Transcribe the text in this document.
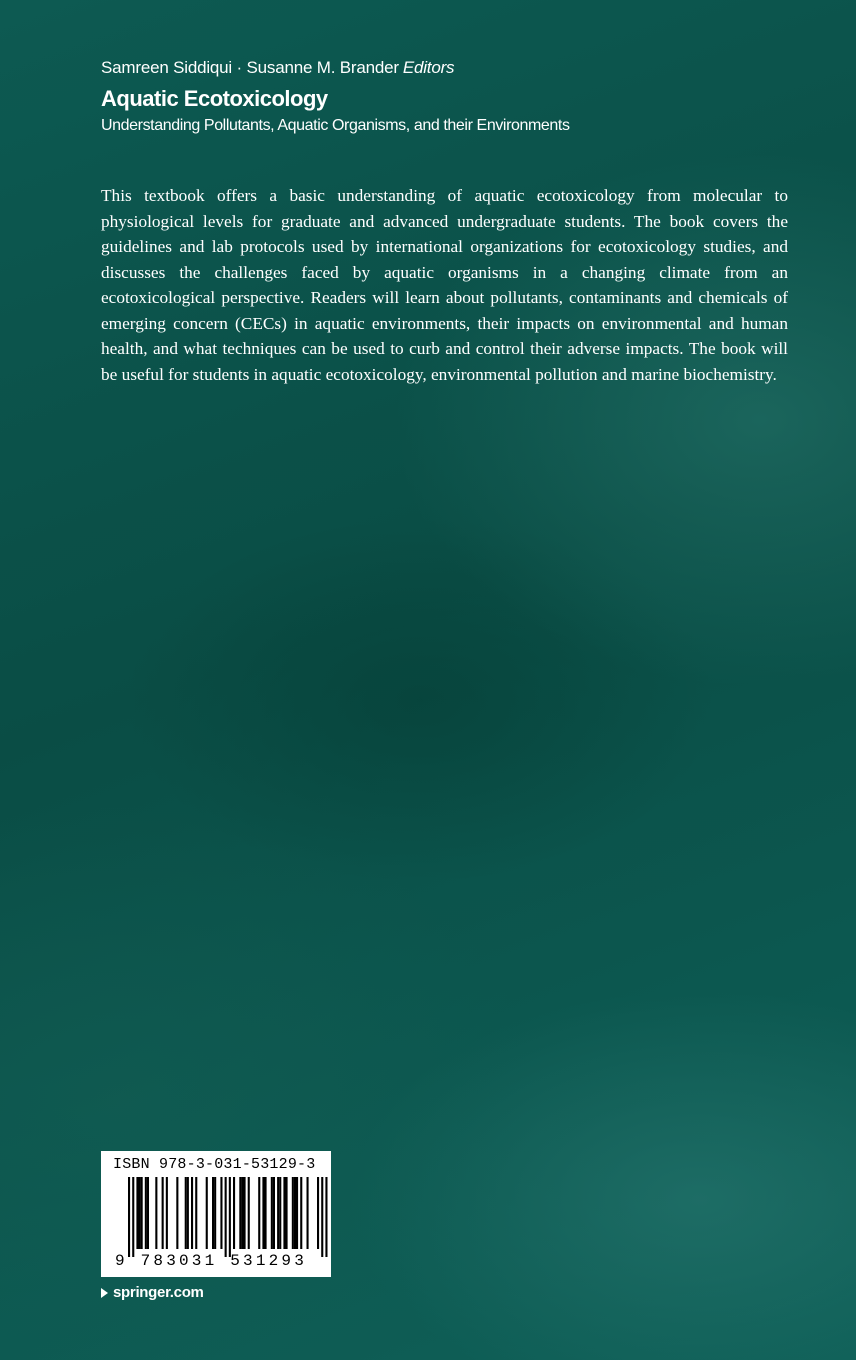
Samreen Siddiqui · Susanne M. Brander Editors
Aquatic Ecotoxicology
Understanding Pollutants, Aquatic Organisms, and their Environments

This textbook offers a basic understanding of aquatic ecotoxicology from molecular to physiological levels for graduate and advanced undergraduate students. The book covers the guidelines and lab protocols used by international organizations for ecotoxicology studies, and discusses the challenges faced by aquatic organisms in a changing climate from an ecotoxicological perspective. Readers will learn about pollutants, contaminants and chemicals of emerging concern (CECs) in aquatic environments, their impacts on environmental and human health, and what techniques can be used to curb and control their adverse impacts. The book will be useful for students in aquatic ecotoxicology, environmental pollution and marine biochemistry.

ISBN 978-3-031-53129-3
9 783031 531293
springer.com
